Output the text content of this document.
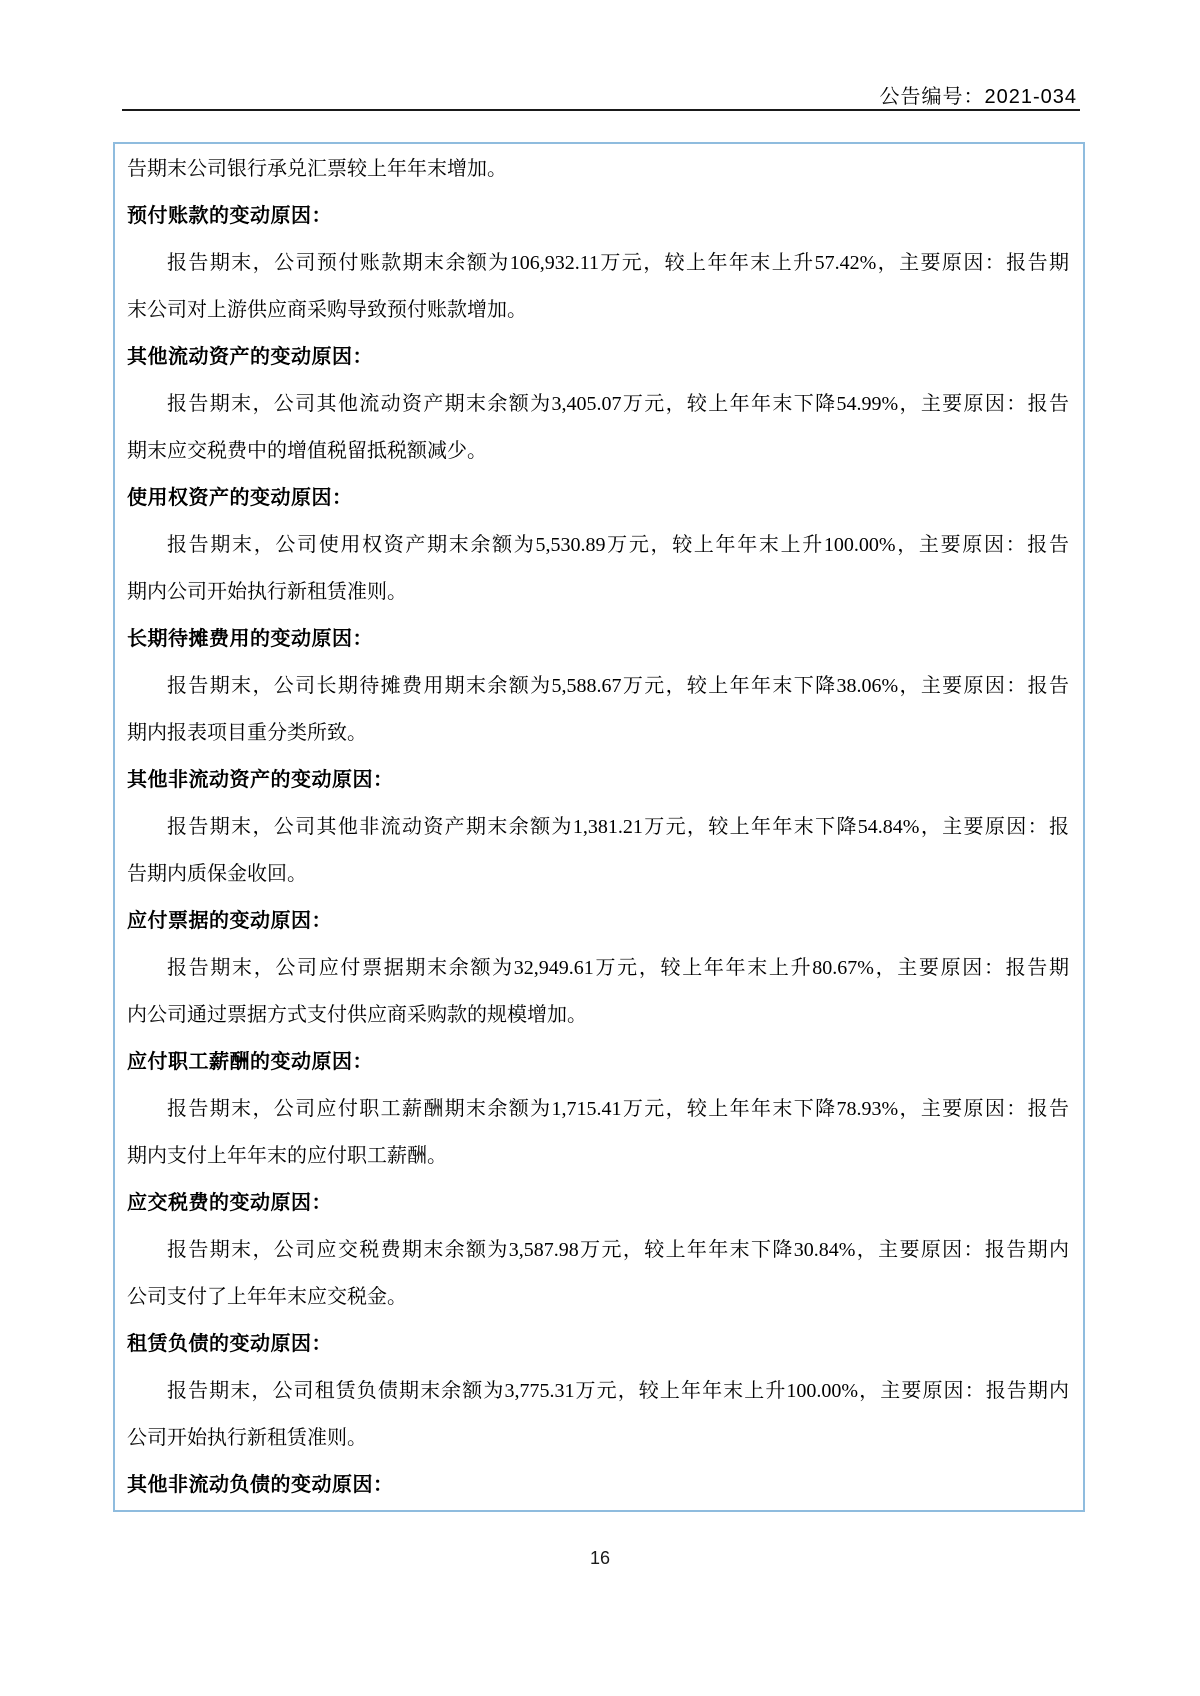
公告编号：2021-034
告期末公司银行承兑汇票较上年年末增加。
预付账款的变动原因：
报告期末，公司预付账款期末余额为106,932.11万元，较上年年末上升57.42%，主要原因：报告期
末公司对上游供应商采购导致预付账款增加。
其他流动资产的变动原因：
报告期末，公司其他流动资产期末余额为3,405.07万元，较上年年末下降54.99%，主要原因：报告
期末应交税费中的增值税留抵税额减少。
使用权资产的变动原因：
报告期末，公司使用权资产期末余额为5,530.89万元，较上年年末上升100.00%，主要原因：报告
期内公司开始执行新租赁准则。
长期待摊费用的变动原因：
报告期末，公司长期待摊费用期末余额为5,588.67万元，较上年年末下降38.06%，主要原因：报告
期内报表项目重分类所致。
其他非流动资产的变动原因：
报告期末，公司其他非流动资产期末余额为1,381.21万元，较上年年末下降54.84%，主要原因：报
告期内质保金收回。
应付票据的变动原因：
报告期末，公司应付票据期末余额为32,949.61万元，较上年年末上升80.67%，主要原因：报告期
内公司通过票据方式支付供应商采购款的规模增加。
应付职工薪酬的变动原因：
报告期末，公司应付职工薪酬期末余额为1,715.41万元，较上年年末下降78.93%，主要原因：报告
期内支付上年年末的应付职工薪酬。
应交税费的变动原因：
报告期末，公司应交税费期末余额为3,587.98万元，较上年年末下降30.84%，主要原因：报告期内
公司支付了上年年末应交税金。
租赁负债的变动原因：
报告期末，公司租赁负债期末余额为3,775.31万元，较上年年末上升100.00%，主要原因：报告期内
公司开始执行新租赁准则。
其他非流动负债的变动原因：
16
